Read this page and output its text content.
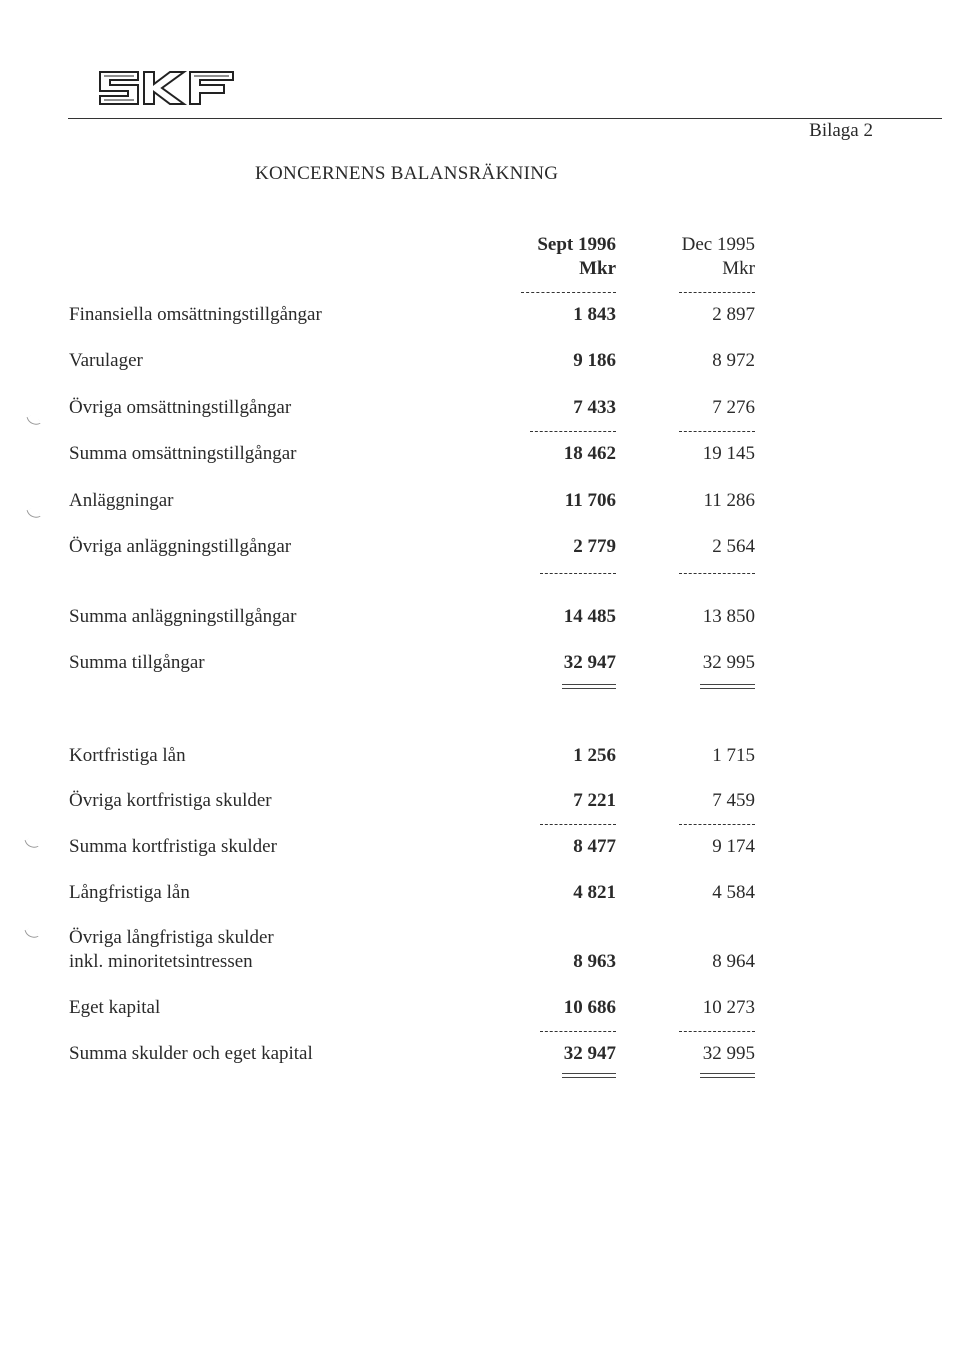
Bilaga 2
KONCERNENS BALANSRÄKNING
Sept 1996
Mkr
Dec 1995
Mkr
Finansiella omsättningstillgångar	1 843	2 897
Varulager	9 186	8 972
Övriga omsättningstillgångar	7 433	7 276
Summa omsättningstillgångar	18 462	19 145
Anläggningar	11 706	11 286
Övriga anläggningstillgångar	2 779	2 564
Summa anläggningstillgångar	14 485	13 850
Summa tillgångar	32 947	32 995
Kortfristiga lån	1 256	1 715
Övriga kortfristiga skulder	7 221	7 459
Summa kortfristiga skulder	8 477	9 174
Långfristiga lån	4 821	4 584
Övriga långfristiga skulder
inkl. minoritetsintressen	8 963	8 964
Eget kapital	10 686	10 273
Summa skulder och eget kapital	32 947	32 995
